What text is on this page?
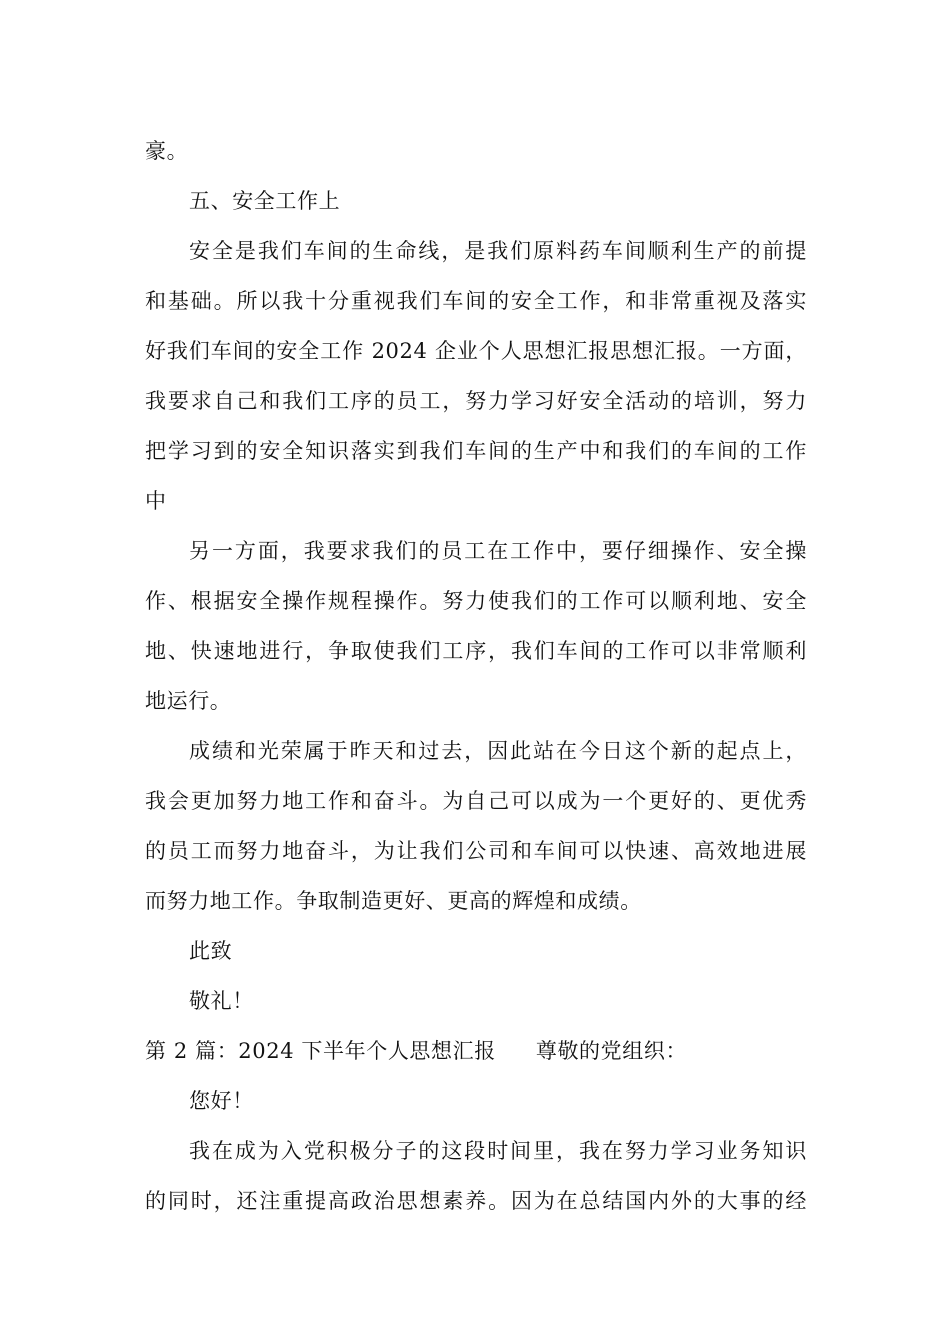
豪。
五、安全工作上
安全是我们车间的生命线，是我们原料药车间顺利生产的前提
和基础。所以我十分重视我们车间的安全工作，和非常重视及落实
好我们车间的安全工作 2024 企业个人思想汇报思想汇报。一方面，
我要求自己和我们工序的员工，努力学习好安全活动的培训，努力
把学习到的安全知识落实到我们车间的生产中和我们的车间的工作
中
另一方面，我要求我们的员工在工作中，要仔细操作、安全操
作、根据安全操作规程操作。努力使我们的工作可以顺利地、安全
地、快速地进行，争取使我们工序，我们车间的工作可以非常顺利
地运行。
成绩和光荣属于昨天和过去，因此站在今日这个新的起点上，
我会更加努力地工作和奋斗。为自己可以成为一个更好的、更优秀
的员工而努力地奋斗，为让我们公司和车间可以快速、高效地进展
而努力地工作。争取制造更好、更高的辉煌和成绩。
此致
敬礼！
第 2 篇：2024 下半年个人思想汇报 尊敬的党组织：
您好！
我在成为入党积极分子的这段时间里，我在努力学习业务知识
的同时，还注重提高政治思想素养。因为在总结国内外的大事的经
